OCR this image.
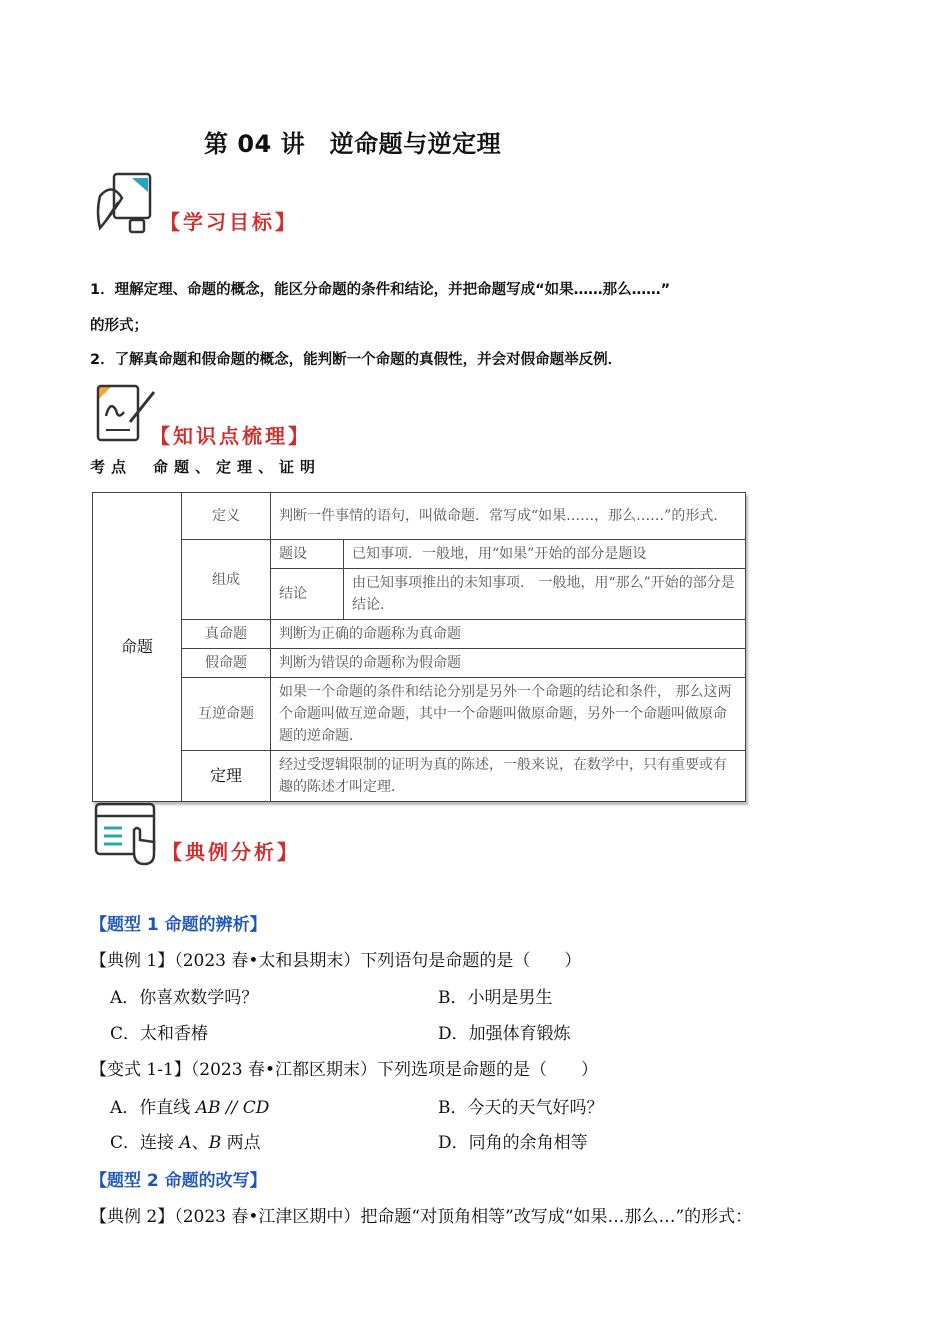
第 04 讲　逆命题与逆定理
【学习目标】
1．理解定理、命题的概念，能区分命题的条件和结论，并把命题写成“如果……那么……”
的形式；
2．了解真命题和假命题的概念，能判断一个命题的真假性，并会对假命题举反例．
【知识点梳理】
考点　命题、定理、证明
命题	定义	判断一件事情的语句，叫做命题．常写成“如果……，那么……”的形式．	
	组成	题设	已知事项．一般地，用“如果”开始的部分是题设
		结论	由已知事项推出的未知事项． 一般地，用“那么”开始的部分是结论．
	真命题	判断为正确的命题称为真命题	
	假命题	判断为错误的命题称为假命题	
	互逆命题	如果一个命题的条件和结论分别是另外一个命题的结论和条件， 那么这两个命题叫做互逆命题，其中一个命题叫做原命题，另外一个命题叫做原命题的逆命题．	
	定理	经过受逻辑限制的证明为真的陈述，一般来说，在数学中，只有重要或有趣的陈述才叫定理．	
【典例分析】
【题型 1 命题的辨析】
【典例 1】（2023 春•太和县期末）下列语句是命题的是（　　）
A．你喜欢数学吗？	B．小明是男生
C．太和香椿	D．加强体育锻炼
【变式 1-1】（2023 春•江都区期末）下列选项是命题的是（　　）
A．作直线 AB // CD	B．今天的天气好吗？
C．连接 A、B 两点	D．同角的余角相等
【题型 2 命题的改写】
【典例 2】（2023 春•江津区期中）把命题“对顶角相等”改写成“如果…那么…”的形式：
